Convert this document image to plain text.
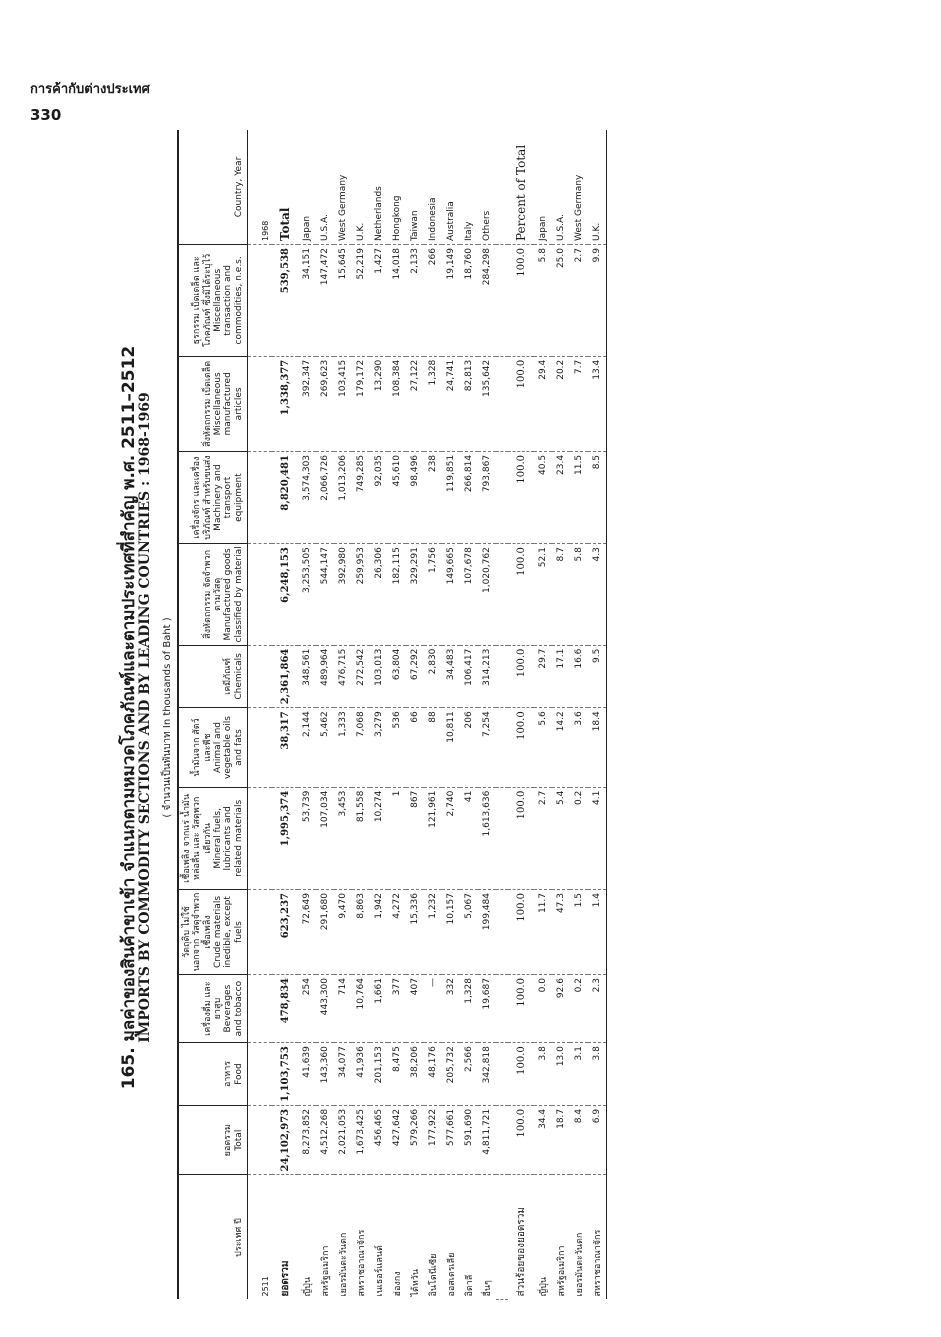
การค้ากับต่างประเทศ
330
165. มูลค่าของสินค้าขาเข้า จำแนกตามหมวดโภคภัณฑ์และตามประเทศที่สำคัญ พ.ศ. 2511–2512
IMPORTS BY COMMODITY SECTIONS AND BY LEADING COUNTRIES : 1968-1969 ( จำนวนเป็นพันบาท In thousands of Baht )
ประเทศ ปี	ยอดรวม Total	อาหาร Food	เครื่องดื่ม และยาสูบ Beverages and tobacco	วัตถุดิบ ไม่ใช้ นอกจาก วัสดุจำพวก เชื้อเพลิง Crude materials inedible, except fuels	เชื้อเพลิง จากแร่ น้ำมัน หล่อลื่น และ วัสดุพวกเดียวกัน Mineral fuels, lubricants and related materials	น้ำมันจาก สัตว์และพืช Animal and vegetable oils and fats	เคมีภัณฑ์ Chemicals	สิ่งหัตถกรรม จัดจำพวก ตามวัสดุ Manufactured goods classified by material	เครื่องจักร และเครื่อง บริภัณฑ์ สำหรับขนส่ง Machinery and transport equipment	สิ่งหัตถกรรม เบ็ดเตล็ด Miscellaneous manufactured articles	ธุรกรรม เบ็ดเตล็ด และโภคภัณฑ์ ซึ่งมิได้ระบุไว้ Miscellaneous transaction and commodities, n.e.s.	Country, Year

2511												1968
ยอดรวม	24,102,973	1,103,753	478,834	623,237	1,995,374	38,317	2,361,864	6,248,153	8,820,481	1,338,377	539,538	Total
ญี่ปุ่น	8,273,852	41,639	254	72,649	53,739	2,144	348,561	3,253,505	3,574,303	392,347	34,151	Japan
สหรัฐอเมริกา	4,512,268	143,360	443,300	291,680	107,034	5,462	489,964	544,147	2,066,726	269,623	147,472	U.S.A.
เยอรมันตะวันตก	2,021,053	34,077	714	9,470	3,453	1,333	476,715	392,980	1,013,206	103,415	15,645	West Germany
สหราชอาณาจักร	1,673,425	41,936	10,764	8,863	81,558	7,068	272,542	259,953	749,285	179,172	52,219	U.K.
เนเธอร์แลนด์	456,465	201,153	1,661	1,942	10,274	3,279	103,013	26,306	92,035	13,290	1,427	Netherlands
ฮ่องกง	427,642	8,475	377	4,272	1	536	63,804	182,115	45,610	108,384	14,018	Hongkong
ไต้หวัน	579,266	38,206	407	15,336	867	66	67,292	329,291	98,496	27,122	2,133	Taiwan
อินโดนีเซีย	177,922	48,176	—	1,232	121,961	88	2,830	1,756	238	1,328	266	Indonesia
ออสเตรเลีย	577,661	205,732	332	10,157	2,740	10,811	34,483	149,665	119,851	24,741	19,149	Australia
อิตาลี	591,690	2,566	1,328	5,067	41	206	106,417	107,678	266,814	82,813	18,760	Italy
อื่นๆ	4,811,721	342,818	19,687	199,484	1,613,636	7,254	314,213	1,020,762	793,867	135,642	284,298	Others

ส่วนร้อยของยอดรวม	100.0	100.0	100.0	100.0	100.0	100.0	100.0	100.0	100.0	100.0	100.0	Percent of Total
ญี่ปุ่น	34.4	3.8	0.0	11.7	2.7	5.6	29.7	52.1	40.5	29.4	5.8	Japan
สหรัฐอเมริกา	18.7	13.0	92.6	47.3	5.4	14.2	17.1	8.7	23.4	20.2	25.0	U.S.A.
เยอรมันตะวันตก	8.4	3.1	0.2	1.5	0.2	3.6	16.6	5.8	11.5	7.7	2.7	West Germany
สหราชอาณาจักร	6.9	3.8	2.3	1.4	4.1	18.4	9.5	4.3	8.5	13.4	9.9	U.K.
